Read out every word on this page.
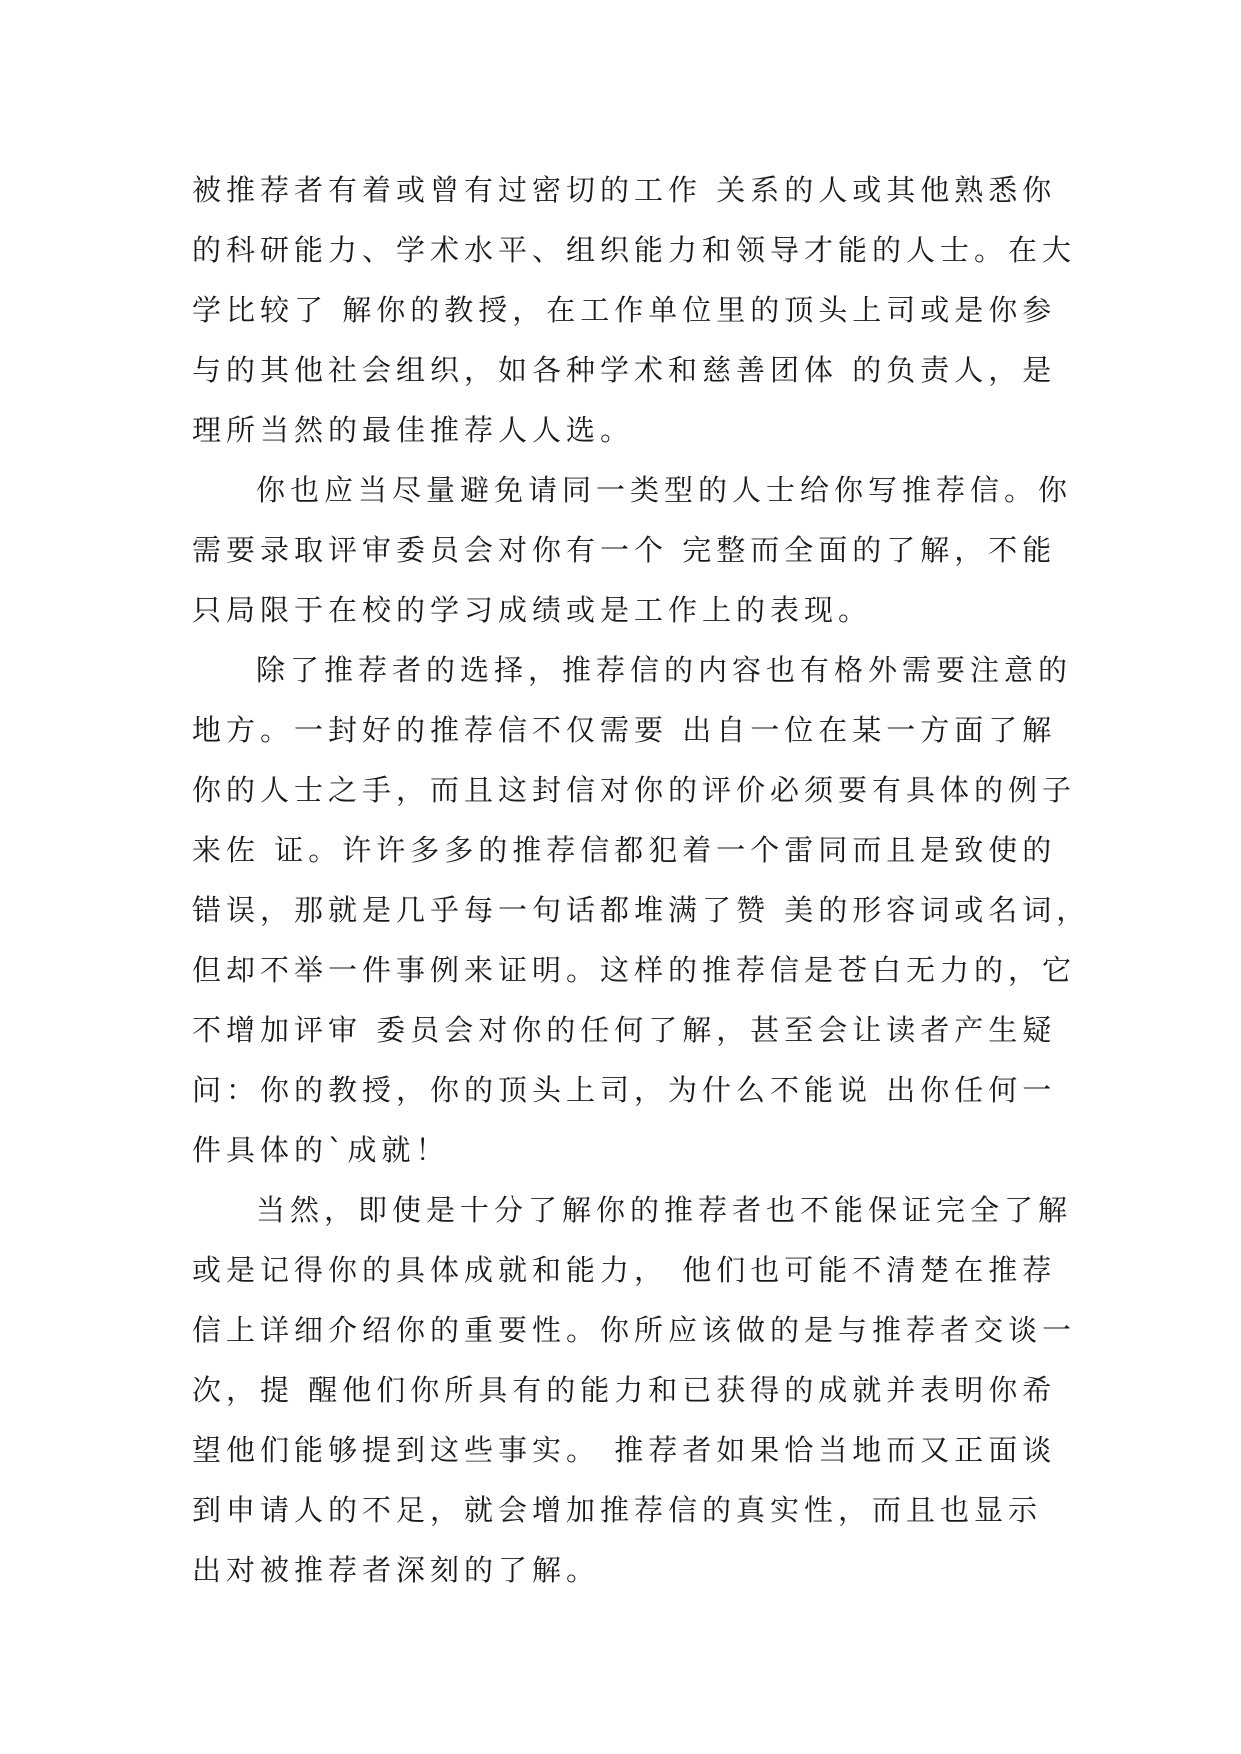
被推荐者有着或曾有过密切的工作 关系的人或其他熟悉你
的科研能力、学术水平、组织能力和领导才能的人士。在大
学比较了 解你的教授，在工作单位里的顶头上司或是你参
与的其他社会组织，如各种学术和慈善团体 的负责人，是
理所当然的最佳推荐人人选。
你也应当尽量避免请同一类型的人士给你写推荐信。你
需要录取评审委员会对你有一个 完整而全面的了解，不能
只局限于在校的学习成绩或是工作上的表现。
除了推荐者的选择，推荐信的内容也有格外需要注意的
地方。一封好的推荐信不仅需要 出自一位在某一方面了解
你的人士之手，而且这封信对你的评价必须要有具体的例子
来佐 证。许许多多的推荐信都犯着一个雷同而且是致使的
错误，那就是几乎每一句话都堆满了赞 美的形容词或名词，
但却不举一件事例来证明。这样的推荐信是苍白无力的，它
不增加评审 委员会对你的任何了解，甚至会让读者产生疑
问：你的教授，你的顶头上司，为什么不能说 出你任何一
件具体的`成就！
当然，即使是十分了解你的推荐者也不能保证完全了解
或是记得你的具体成就和能力， 他们也可能不清楚在推荐
信上详细介绍你的重要性。你所应该做的是与推荐者交谈一
次，提 醒他们你所具有的能力和已获得的成就并表明你希
望他们能够提到这些事实。 推荐者如果恰当地而又正面谈
到申请人的不足，就会增加推荐信的真实性，而且也显示
出对被推荐者深刻的了解。
